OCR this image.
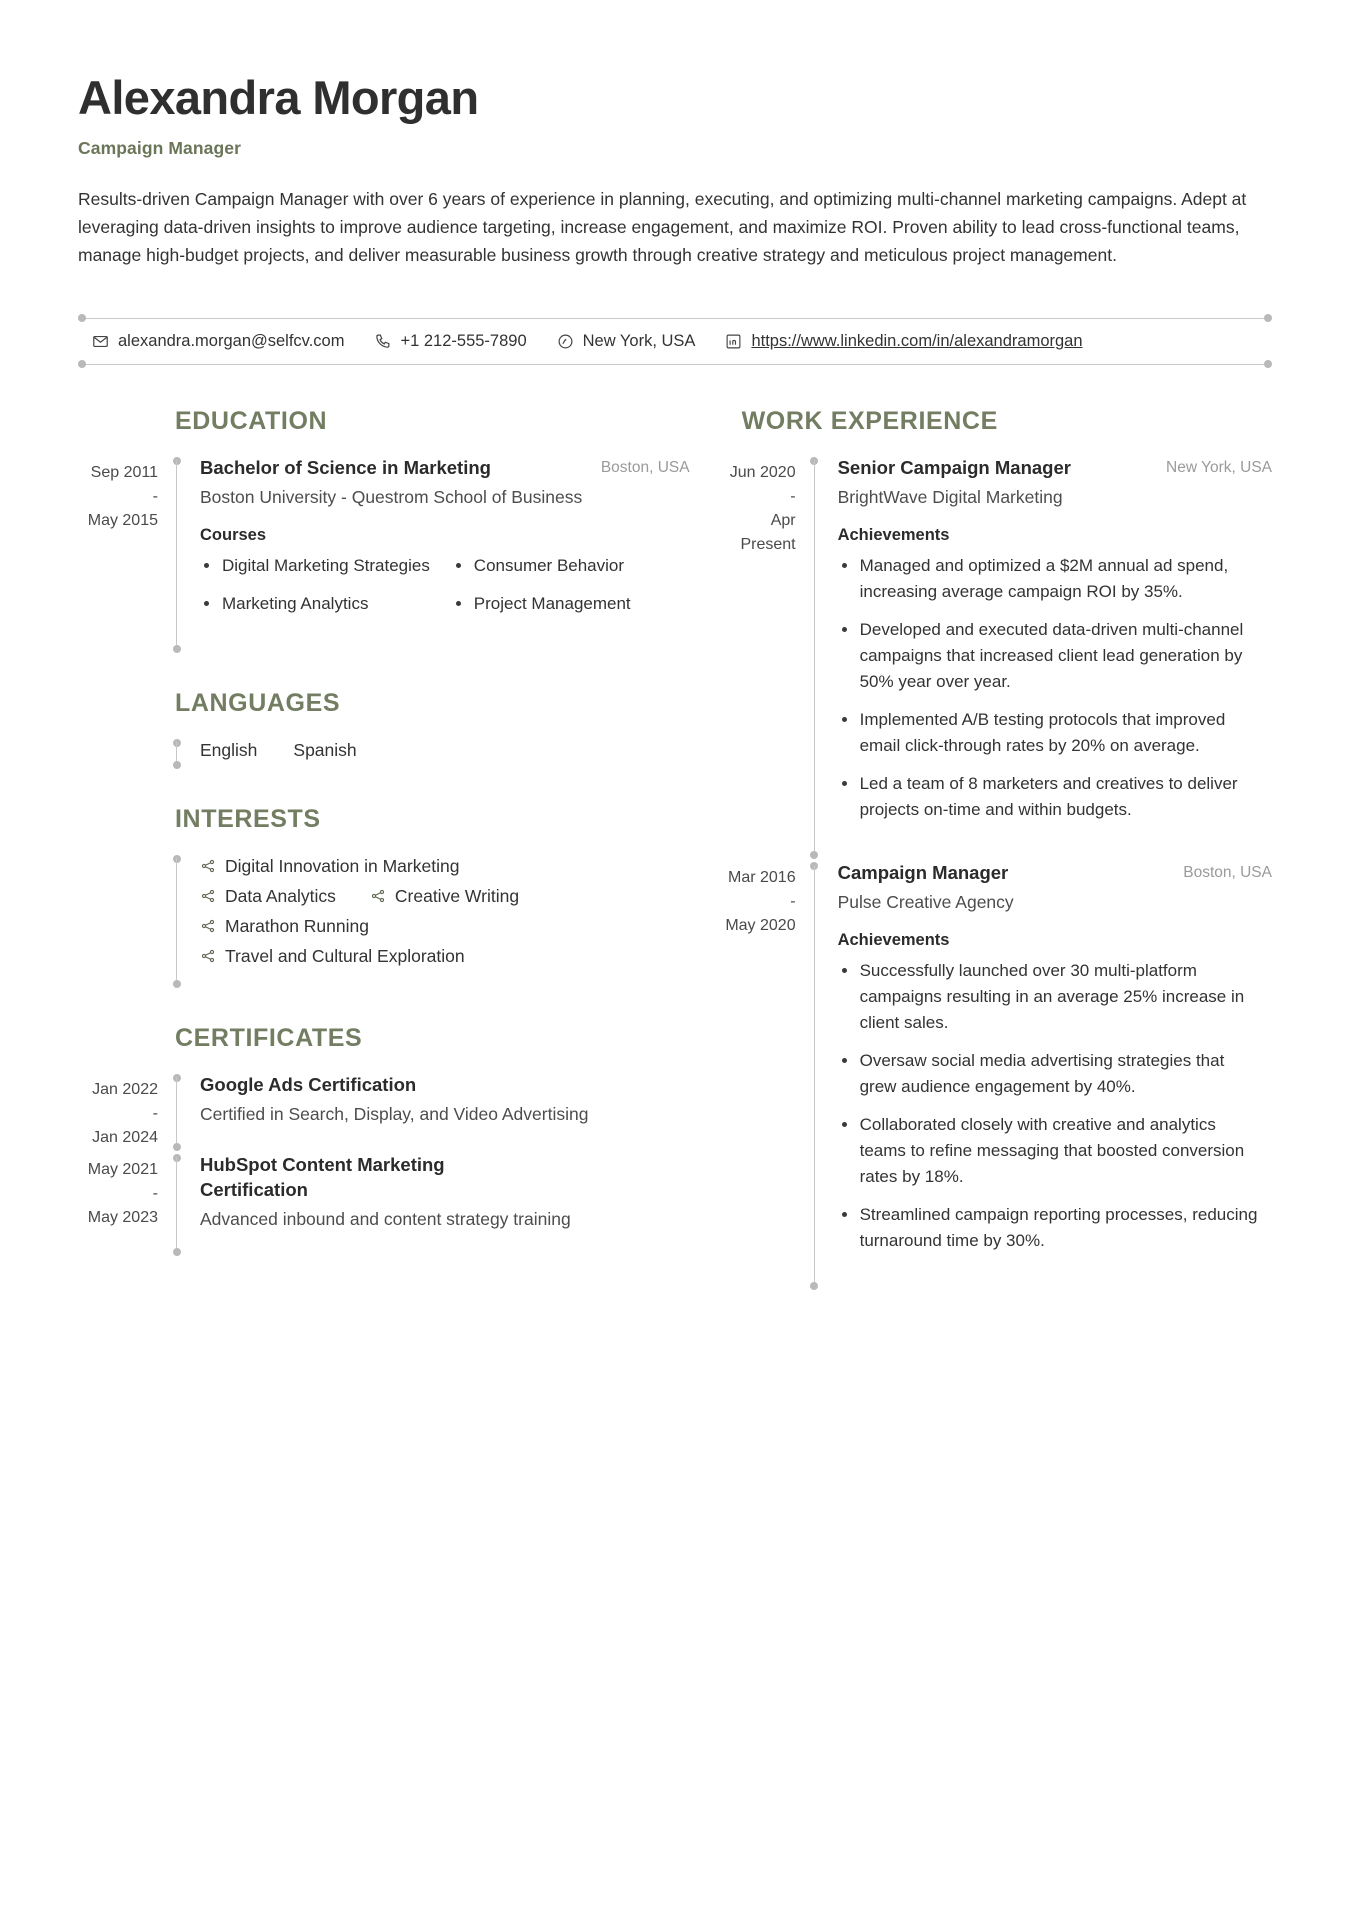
Alexandra Morgan
Campaign Manager

Results-driven Campaign Manager with over 6 years of experience in planning, executing, and optimizing multi-channel marketing campaigns. Adept at leveraging data-driven insights to improve audience targeting, increase engagement, and maximize ROI. Proven ability to lead cross-functional teams, manage high-budget projects, and deliver measurable business growth through creative strategy and meticulous project management.

alexandra.morgan@selfcv.com	+1 212-555-7890	New York, USA	https://www.linkedin.com/in/alexandramorgan
EDUCATION
Sep 2011
-
May 2015
Bachelor of Science in Marketing	Boston, USA
Boston University - Questrom School of Business
Courses
Digital Marketing Strategies	Consumer Behavior
Marketing Analytics	Project Management
LANGUAGES
English Spanish
INTERESTS
Digital Innovation in Marketing
Data Analytics	Creative Writing
Marathon Running
Travel and Cultural Exploration
CERTIFICATES
Jan 2022
-
Jan 2024
Google Ads Certification
Certified in Search, Display, and Video Advertising
May 2021
-
May 2023
HubSpot Content Marketing Certification
Advanced inbound and content strategy training
WORK EXPERIENCE
Jun 2020
-
Apr Present
Senior Campaign Manager	New York, USA
BrightWave Digital Marketing
Achievements
Managed and optimized a $2M annual ad spend, increasing average campaign ROI by 35%.
Developed and executed data-driven multi-channel campaigns that increased client lead generation by 50% year over year.
Implemented A/B testing protocols that improved email click-through rates by 20% on average.
Led a team of 8 marketers and creatives to deliver projects on-time and within budgets.
Mar 2016
-
May 2020
Campaign Manager	Boston, USA
Pulse Creative Agency
Achievements
Successfully launched over 30 multi-platform campaigns resulting in an average 25% increase in client sales.
Oversaw social media advertising strategies that grew audience engagement by 40%.
Collaborated closely with creative and analytics teams to refine messaging that boosted conversion rates by 18%.
Streamlined campaign reporting processes, reducing turnaround time by 30%.
